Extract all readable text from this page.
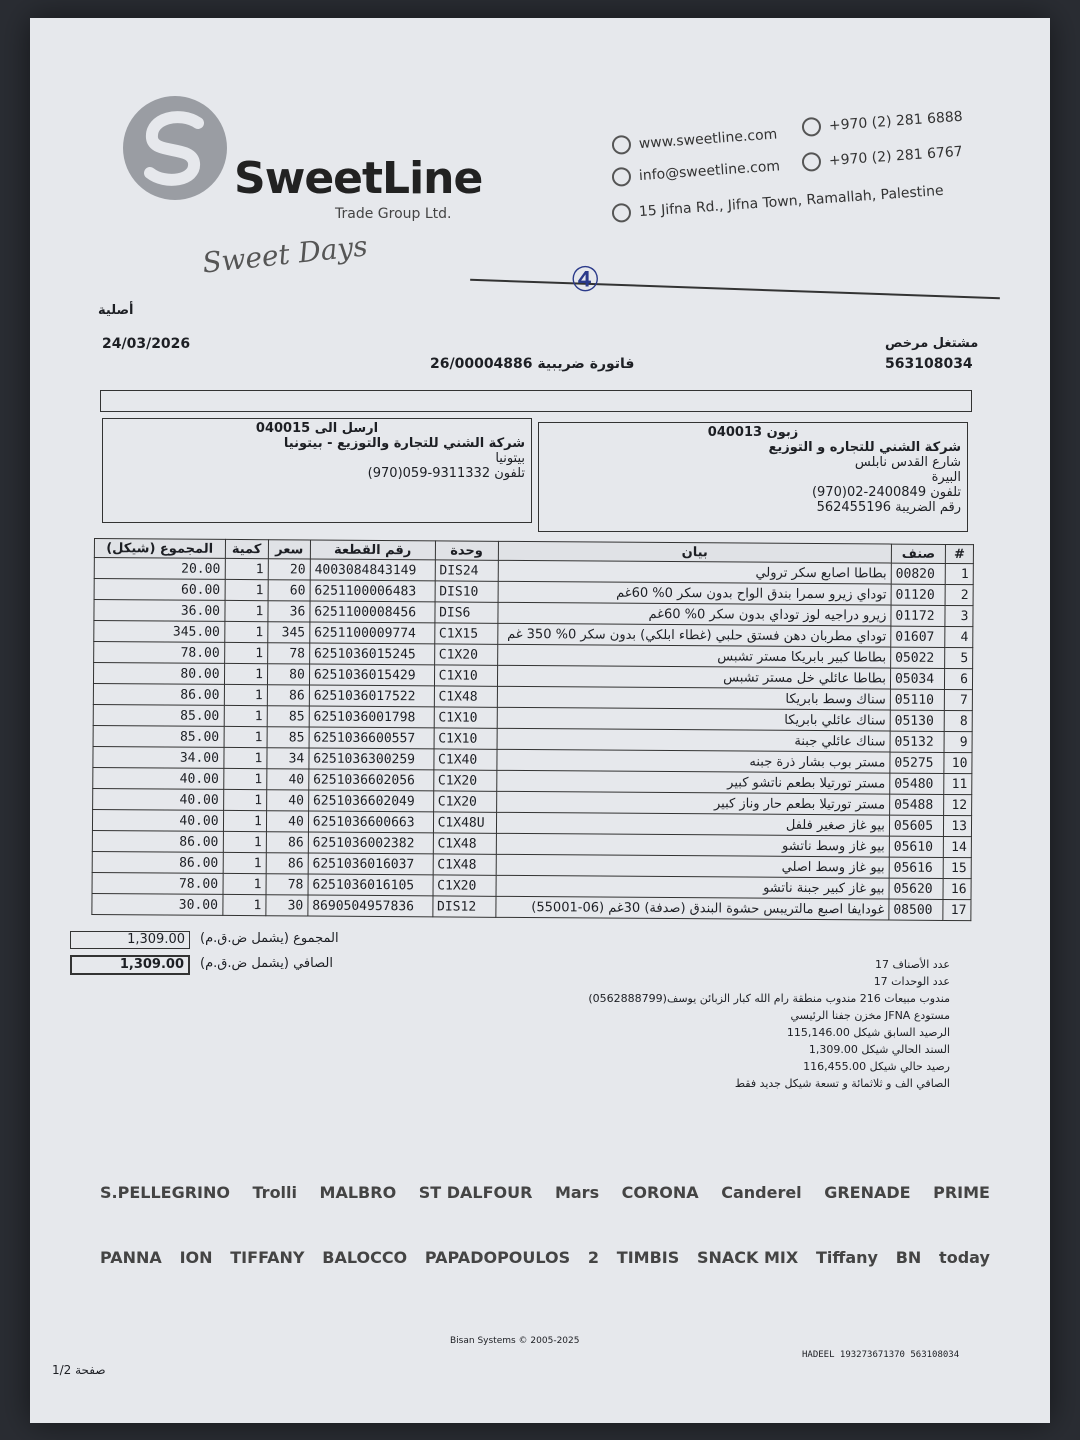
SweetLine
Trade Group Ltd.
Sweet Days
www.sweetline.com
info@sweetline.com
15 Jifna Rd., Jifna Town, Ramallah, Palestine
+970 (2) 281 6888
+970 (2) 281 6767
④
أصلية
24/03/2026
فاتورة ضريبية 26/00004886
مشتغل مرخص
563108034
زبون 040013
شركة الشني للتجاره و التوزيع
شارع القدس نابلس
البيرة
تلفون 2400849-02(970)
رقم الضريبة 562455196
ارسل الى 040015
شركة الشني للتجارة والتوزيع - بيتونيا
بيتونيا
تلفون 9311332-059(970)
المجموع (شيكل)	كمية	سعر	رقم القطعة	وحدة	بيان	صنف	#
20.00	1	20	4003084843149	DIS24	بطاطا اصابع سكر ترولي	00820	1
60.00	1	60	6251100006483	DIS10	توداي زيرو سمرا بندق الواح بدون سكر 0% 60غم	01120	2
36.00	1	36	6251100008456	DIS6	زيرو دراجيه لوز توداي بدون سكر 0% 60غم	01172	3
345.00	1	345	6251100009774	C1X15	توداي مطربان دهن فستق حلبي (غطاء ابلكي) بدون سكر 0% 350 غم	01607	4
78.00	1	78	6251036015245	C1X20	بطاطا كبير بابريكا مستر تشبس	05022	5
80.00	1	80	6251036015429	C1X10	بطاطا عائلي خل مستر تشبس	05034	6
86.00	1	86	6251036017522	C1X48	سناك وسط بابريكا	05110	7
85.00	1	85	6251036001798	C1X10	سناك عائلي بابريكا	05130	8
85.00	1	85	6251036600557	C1X10	سناك عائلي جبنة	05132	9
34.00	1	34	6251036300259	C1X40	مستر بوب بشار ذرة جبنه	05275	10
40.00	1	40	6251036602056	C1X20	مستر تورتيلا بطعم ناتشو كبير	05480	11
40.00	1	40	6251036602049	C1X20	مستر تورتيلا بطعم حار وناز كبير	05488	12
40.00	1	40	6251036600663	C1X48U	بيو غاز صغير فلفل	05605	13
86.00	1	86	6251036002382	C1X48	بيو غاز وسط ناتشو	05610	14
86.00	1	86	6251036016037	C1X48	بيو غاز وسط اصلي	05616	15
78.00	1	78	6251036016105	C1X20	بيو غاز كبير جبنة ناتشو	05620	16
30.00	1	30	8690504957836	DIS12	غودايفا اصبع مالتريبس حشوة البندق (صدفة) 30غم (06-55001)	08500	17
1,309.00	المجموع (يشمل ض.ق.م)
1,309.00	الصافي (يشمل ض.ق.م)	عدد الأصناف 17
عدد الوحدات 17
مندوب مبيعات 216 مندوب منطقة رام الله كبار الزبائن يوسف(0562888799)
مستودع JFNA مخزن جفنا الرئيسي
الرصيد السابق شيكل 115,146.00
السند الحالي شيكل 1,309.00
رصيد حالي شيكل 116,455.00
الصافي الف و ثلاثمائة و تسعة شيكل جديد فقط
S.PELLEGRINO Trolli MALBRO ST DALFOUR Mars CORONA Canderel GRENADE PRIME
PANNA ION TIFFANY BALOCCO PAPADOPOULOS 2 TIMBIS SNACK MIX Tiffany BN today
Bisan Systems © 2005-2025
صفحة 1/2
HADEEL 193273671370 563108034
